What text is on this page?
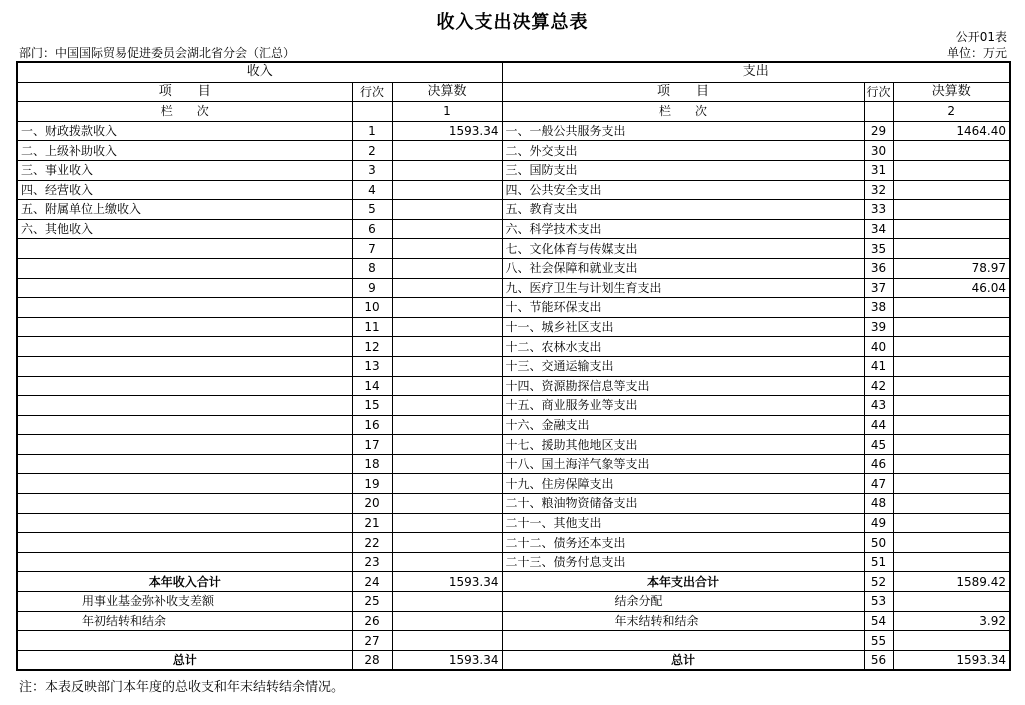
收入支出决算总表
公开01表
部门：中国国际贸易促进委员会湖北省分会（汇总）	单位：万元
收入			支出		
项　　目	行次	决算数	项　　目	行次	决算数
栏　　次		1	栏　　次		2
一、财政拨款收入	1	1593.34	一、一般公共服务支出	29	1464.40
二、上级补助收入	2		二、外交支出	30	
三、事业收入	3		三、国防支出	31	
四、经营收入	4		四、公共安全支出	32	
五、附属单位上缴收入	5		五、教育支出	33	
六、其他收入	6		六、科学技术支出	34	
	7		七、文化体育与传媒支出	35	
	8		八、社会保障和就业支出	36	78.97
	9		九、医疗卫生与计划生育支出	37	46.04
	10		十、节能环保支出	38	
	11		十一、城乡社区支出	39	
	12		十二、农林水支出	40	
	13		十三、交通运输支出	41	
	14		十四、资源勘探信息等支出	42	
	15		十五、商业服务业等支出	43	
	16		十六、金融支出	44	
	17		十七、援助其他地区支出	45	
	18		十八、国土海洋气象等支出	46	
	19		十九、住房保障支出	47	
	20		二十、粮油物资储备支出	48	
	21		二十一、其他支出	49	
	22		二十二、债务还本支出	50	
	23		二十三、债务付息支出	51	
本年收入合计	24	1593.34	本年支出合计	52	1589.42
用事业基金弥补收支差额	25		结余分配	53	
年初结转和结余	26		年末结转和结余	54	3.92
	27			55	
总计	28	1593.34	总计	56	1593.34
注：本表反映部门本年度的总收支和年末结转结余情况。
